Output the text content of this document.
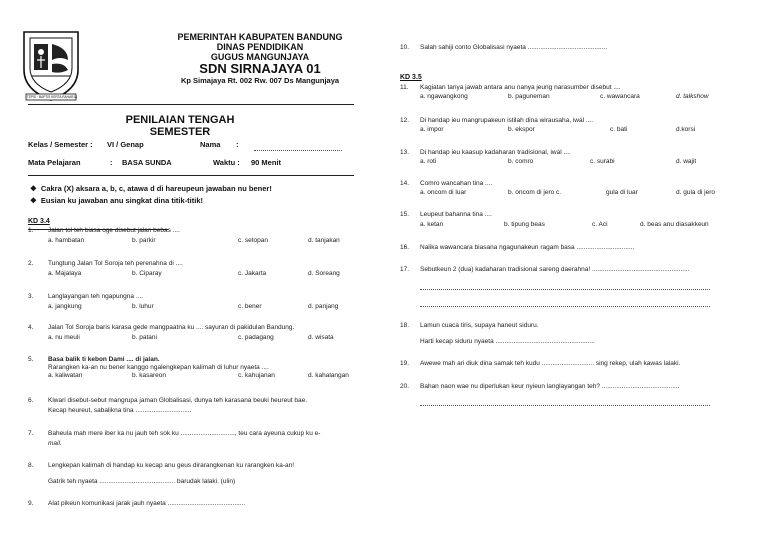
TEPIS · BAPTIS KERTA RAHARJA
PEMERINTAH KABUPATEN BANDUNG
DINAS PENDIDIKAN
GUGUS MANGUNJAYA
SDN SIRNAJAYA 01
Kp Simajaya Rt. 002 Rw. 007 Ds Mangunjaya
PENILAIAN TENGAH SEMESTER
Kelas / Semester : VI / Genap	Nama :
Mata Pelajaran	: BASA SUNDA	Waktu : 90 Menit
❖  Cakra (X) aksara a, b, c, atawa d di hareupeun jawaban nu bener!
❖  Eusian ku jawaban anu singkat dina titik-titik!
KD 3.4
1.	Jalan tol teh biasa oge disebut jalan bebas ....
a. hambatan	b. parkir	c. setopan	d. tanjakan
2.	Tungtung Jalan Tol Soroja teh perenahna di ....
a. Majalaya	b. Ciparay	c. Jakarta	d. Soreang
3.	Langlayangan teh ngapungna ....
a. jangkung	b. luhur	c. bener	d. panjang
4.	Jalan Tol Soroja baris karasa gede mangpaatna ku .... sayuran di pakidulan Bandung.
a. nu meuli	b. patani	c. padagang	d. wisata
5.	Basa balik ti kebon Dami .... di jalan.
Rarangken ka-an nu bener kanggo ngalengkepan kalimah di luhur nyaeta ....
a. kaliwatan	b. kasareon	c. kahujanan	d. kahalangan
6.	Kiwari disebut-sebut mangrupa jaman Globalisasi, dunya teh karasana beuki heureut bae.
Kecap heureut, sabalikna tina ...............................
7.	Baheula mah mere iber ka nu jauh teh sok ku .............................., teu cara ayeuna cukup ku e-
mail.
8.	Lengkepan kalimah di handap ku kecap anu geus dirarangkenan ku rarangken ka-an!
Gatrik teh nyaeta .......................................... barudak lalaki. (ulin)
9.	Alat pikeun komunikasi jarak jauh nyaeta ...........................................
10.	Salah sahiji conto Globalisasi nyaeta ............................................
KD 3.5
11.	Kagiatan tanya jawab antara anu nanya jeung narasumber disebut ....
a. ngawangkong	b. paguneman	c. wawancara	d. talkshow
12.	Di handap ieu mangrupakeun istilah dina wirausaha, iwal ....
a. impor	b. ekspor	c. bati	d.korsi
13.	Di handap ieu kaasup kadaharan tradisional, iwal ....
a. roti	b. comro	c. surabi	d. wajit
14.	Comro wancahan tina ....
a. oncom di luar	b. oncom di jero c.	gula di luar	d. gula di jero
15.	Leupeut bahanna tina ....
a. ketan	b. tipung beas	c. Aci	d. beas anu diasakkeun
16.	Nalika wawancara biasana ngagunakeun ragam basa ................................
17.	Sebutkeun 2 (dua) kadaharan tradisional sareng daerahna! ......................................................
18.	Lamun cuaca tiris, supaya haneut siduru.
Harti kecap siduru nyaeta .......................................................
19.	Awewe mah ari diuk dina samak teh kudu ............................. sing rekep, ulah kawas lalaki.
20.	Bahan naon wae nu diperlukan keur nyieun langlayangan teh? ...........................................
